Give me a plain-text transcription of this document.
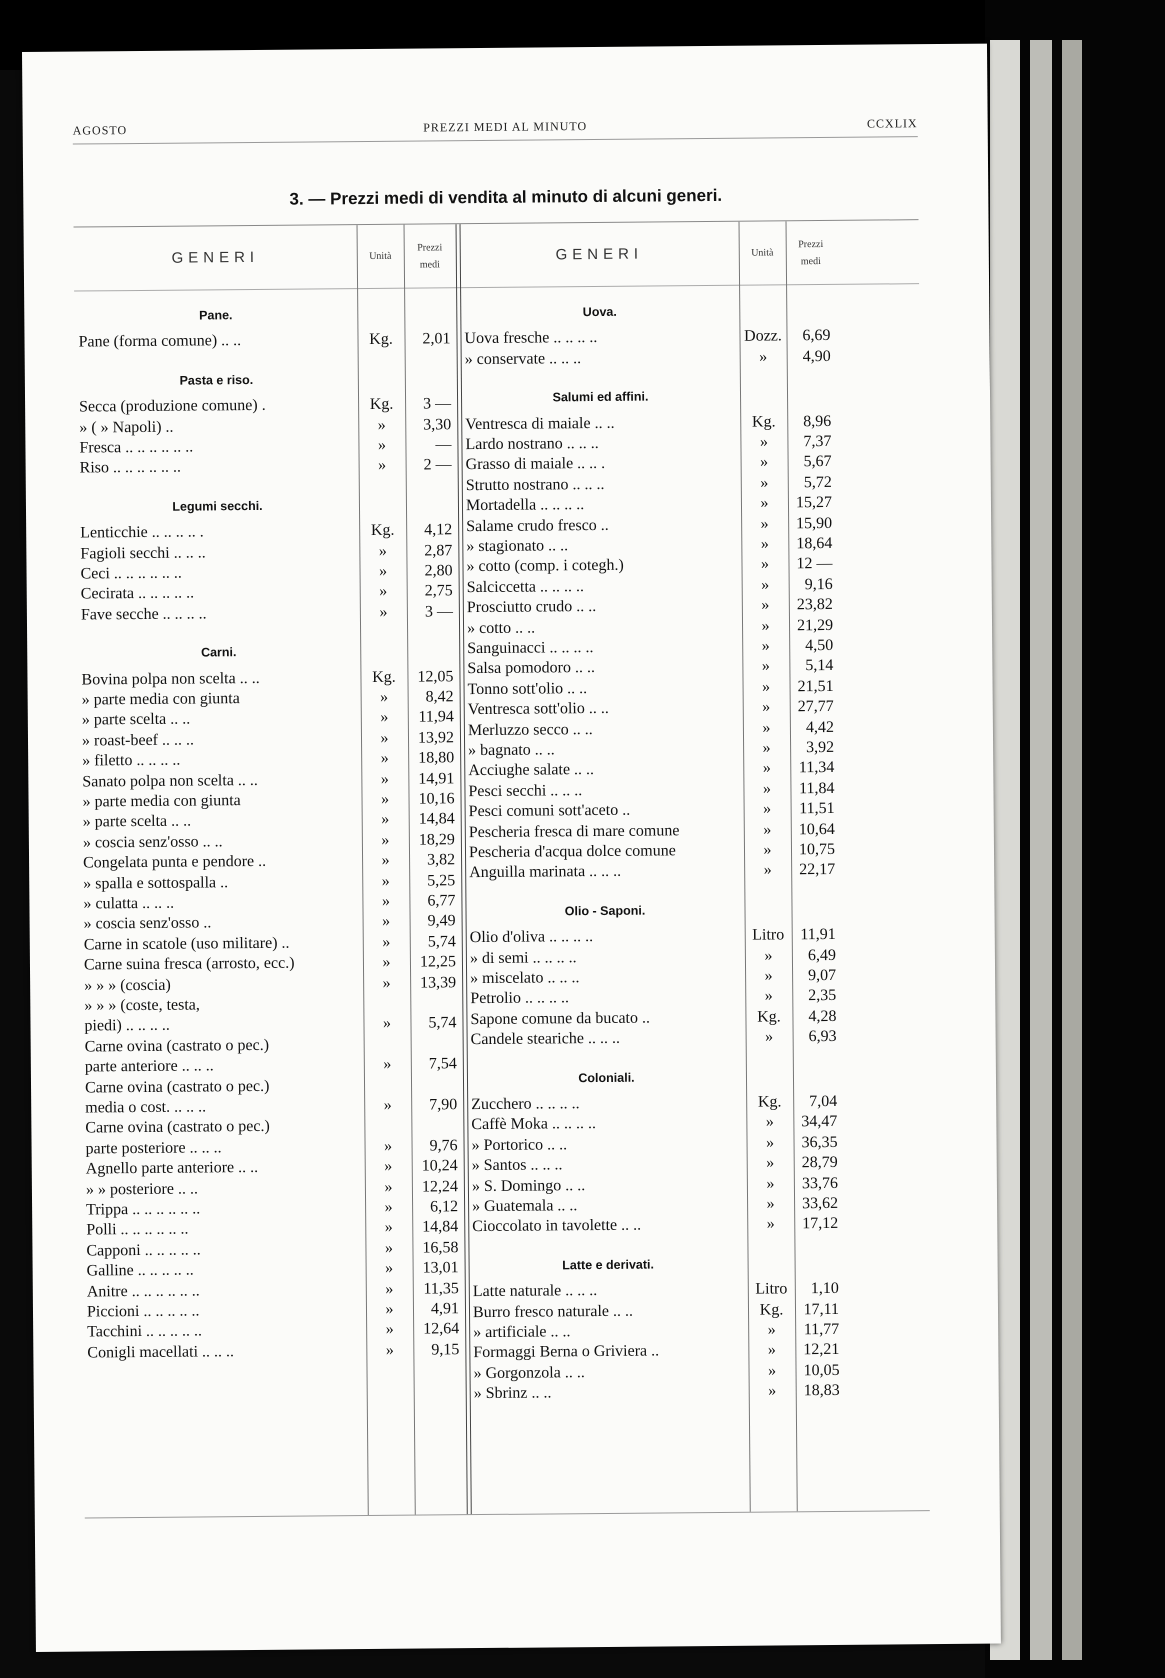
AGOSTO	PREZZI MEDI AL MINUTO	CCXLIX
3. — Prezzi medi di vendita al minuto di alcuni generi.
GENERI	Unità
Prezzi
medi
GENERI	Unità
Prezzi
medi
Pane.
Pane (forma comune) .. ..	Kg.	2,01
Pasta e riso.
Secca (produzione comune) .	Kg.	3 —
» ( » Napoli) ..	»	3,30
Fresca .. .. .. .. .. ..	»	—
Riso .. .. .. .. .. ..	»	2 —
Legumi secchi.
Lenticchie .. .. .. .. .	Kg.	4,12
Fagioli secchi .. .. ..	»	2,87
Ceci .. .. .. .. .. ..	»	2,80
Cecirata .. .. .. .. ..	»	2,75
Fave secche .. .. .. ..	»	3 —
Carni.
Bovina polpa non scelta .. ..	Kg.	12,05
» parte media con giunta	»	8,42
» parte scelta .. ..	»	11,94
» roast-beef .. .. ..	»	13,92
» filetto .. .. .. ..	»	18,80
Sanato polpa non scelta .. ..	»	14,91
» parte media con giunta	»	10,16
» parte scelta .. ..	»	14,84
» coscia senz'osso .. ..	»	18,29
Congelata punta e pendore ..	»	3,82
» spalla e sottospalla ..	»	5,25
» culatta .. .. ..	»	6,77
» coscia senz'osso ..	»	9,49
Carne in scatole (uso militare) ..	»	5,74
Carne suina fresca (arrosto, ecc.)	»	12,25
» » » (coscia)	»	13,39
» » » (coste, testa,
piedi) .. .. .. ..	»	5,74
Carne ovina (castrato o pec.)
parte anteriore .. .. ..	»	7,54
Carne ovina (castrato o pec.)
media o cost. .. .. ..	»	7,90
Carne ovina (castrato o pec.)
parte posteriore .. .. ..	»	9,76
Agnello parte anteriore .. ..	»	10,24
» » posteriore .. ..	»	12,24
Trippa .. .. .. .. .. ..	»	6,12
Polli .. .. .. .. .. ..	»	14,84
Capponi .. .. .. .. ..	»	16,58
Galline .. .. .. .. ..	»	13,01
Anitre .. .. .. .. .. ..	»	11,35
Piccioni .. .. .. .. ..	»	4,91
Tacchini .. .. .. .. ..	»	12,64
Conigli macellati .. .. ..	»	9,15
Uova.
Uova fresche .. .. .. ..	Dozz.	6,69
» conservate .. .. ..	»	4,90
Salumi ed affini.
Ventresca di maiale .. ..	Kg.	8,96
Lardo nostrano .. .. ..	»	7,37
Grasso di maiale .. .. .	»	5,67
Strutto nostrano .. .. ..	»	5,72
Mortadella .. .. .. ..	»	15,27
Salame crudo fresco ..	»	15,90
» stagionato .. ..	»	18,64
» cotto (comp. i cotegh.)	»	12 —
Salciccetta .. .. .. ..	»	9,16
Prosciutto crudo .. ..	»	23,82
» cotto .. ..	»	21,29
Sanguinacci .. .. .. ..	»	4,50
Salsa pomodoro .. ..	»	5,14
Tonno sott'olio .. ..	»	21,51
Ventresca sott'olio .. ..	»	27,77
Merluzzo secco .. ..	»	4,42
» bagnato .. ..	»	3,92
Acciughe salate .. ..	»	11,34
Pesci secchi .. .. ..	»	11,84
Pesci comuni sott'aceto ..	»	11,51
Pescheria fresca di mare comune	»	10,64
Pescheria d'acqua dolce comune	»	10,75
Anguilla marinata .. .. ..	»	22,17
Olio - Saponi.
Olio d'oliva .. .. .. ..	Litro 11,91
» di semi .. .. .. ..	»	6,49
» miscelato .. .. ..	»	9,07
Petrolio .. .. .. ..	»	2,35
Sapone comune da bucato ..	Kg.	4,28
Candele steariche .. .. ..	»	6,93
Coloniali.
Zucchero .. .. .. ..	Kg.	7,04
Caffè Moka .. .. .. ..	»	34,47
» Portorico .. ..	»	36,35
» Santos .. .. ..	»	28,79
» S. Domingo .. ..	»	33,76
» Guatemala .. ..	»	33,62
Cioccolato in tavolette .. ..	»	17,12
Latte e derivati.
Latte naturale .. .. ..	Litro	1,10
Burro fresco naturale .. ..	Kg.	17,11
» artificiale .. ..	»	11,77
Formaggi Berna o Griviera ..	»	12,21
» Gorgonzola .. ..	»	10,05
» Sbrinz .. ..	»	18,83
